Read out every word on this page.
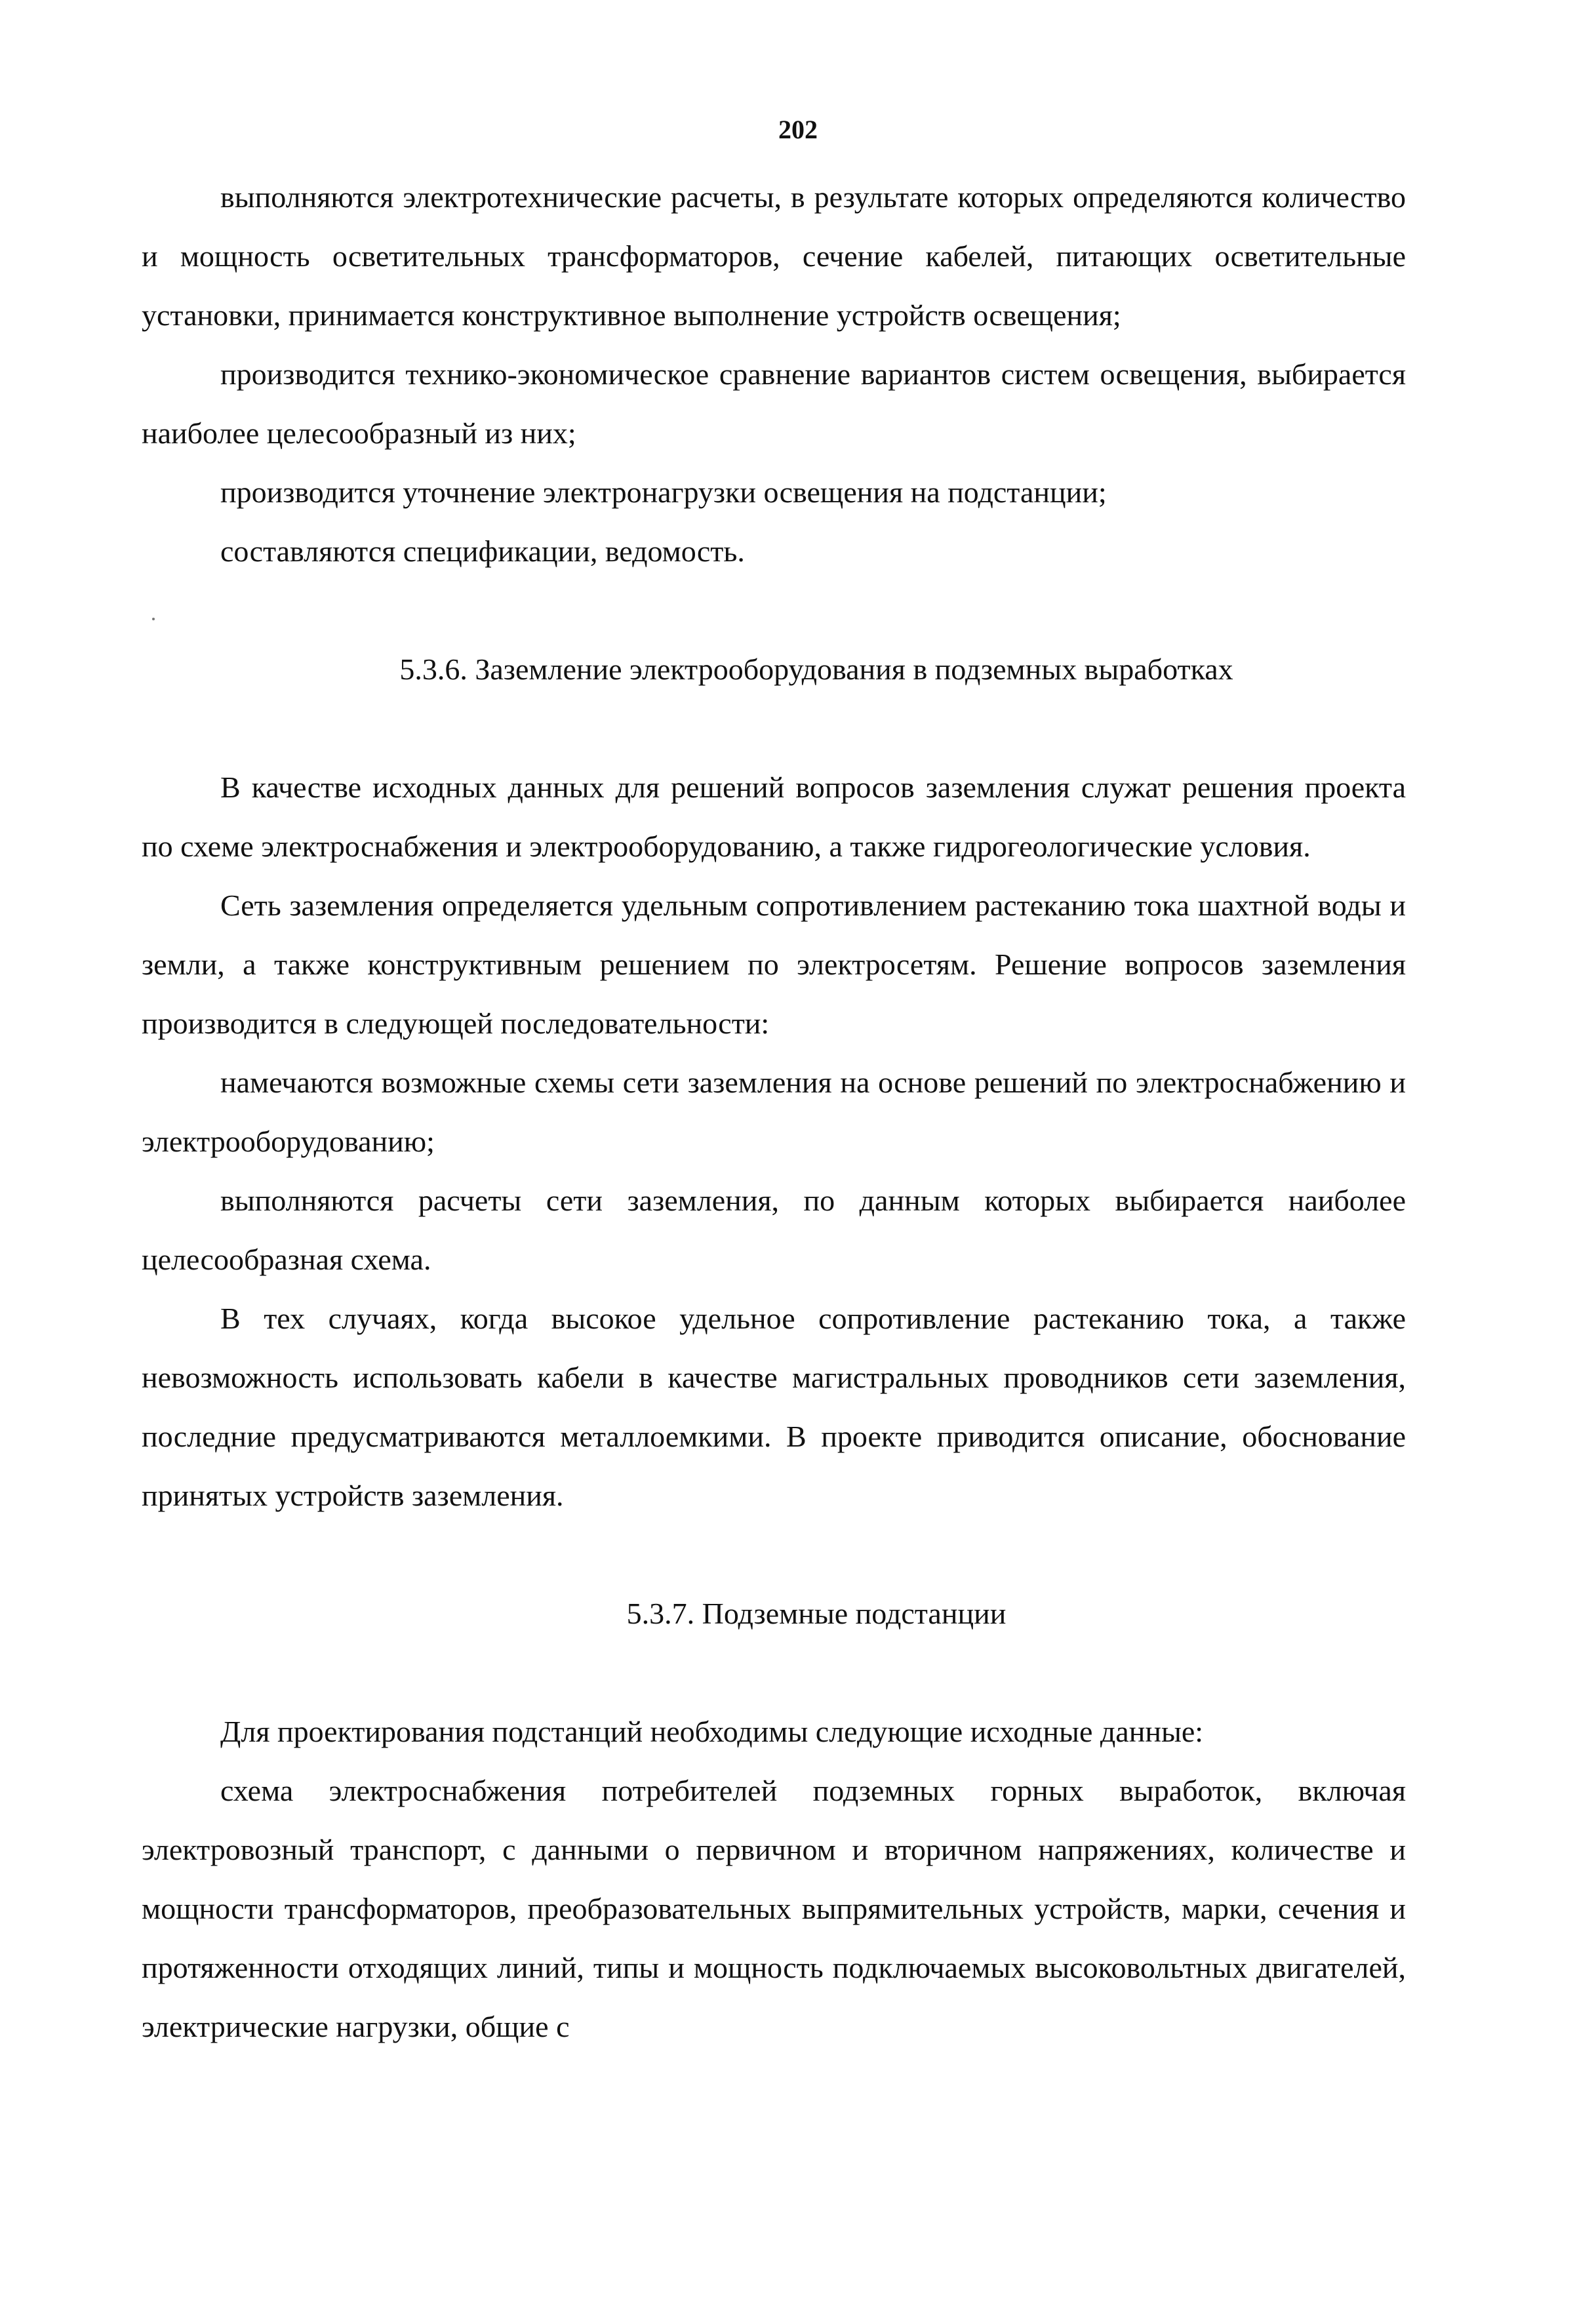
202

выполняются электротехнические расчеты, в результате которых определяются количество и мощность осветительных трансформаторов, сечение кабелей, питающих осветительные установки, принимается конструктивное выполнение устройств освещения;

производится технико-экономическое сравнение вариантов систем освещения, выбирается наиболее целесообразный из них;

производится уточнение электронагрузки освещения на подстанции;

составляются спецификации, ведомость.

5.3.6. Заземление электрооборудования в подземных выработках

В качестве исходных данных для решений вопросов заземления служат решения проекта по схеме электроснабжения и электрооборудованию, а также гидрогеологические условия.

Сеть заземления определяется удельным сопротивлением растеканию тока шахтной воды и земли, а также конструктивным решением по электросетям. Решение вопросов заземления производится в следующей последовательности:

намечаются возможные схемы сети заземления на основе решений по электроснабжению и электрооборудованию;

выполняются расчеты сети заземления, по данным которых выбирается наиболее целесообразная схема.

В тех случаях, когда высокое удельное сопротивление растеканию тока, а также невозможность использовать кабели в качестве магистральных проводников сети заземления, последние предусматриваются металлоемкими. В проекте приводится описание, обоснование принятых устройств заземления.

5.3.7. Подземные подстанции

Для проектирования подстанций необходимы следующие исходные данные:

схема электроснабжения потребителей подземных горных выработок, включая электровозный транспорт, с данными о первичном и вторичном напряжениях, количестве и мощности трансформаторов, преобразовательных выпрямительных устройств, марки, сечения и протяженности отходящих линий, типы и мощность подключаемых высоковольтных двигателей, электрические нагрузки, общие с
